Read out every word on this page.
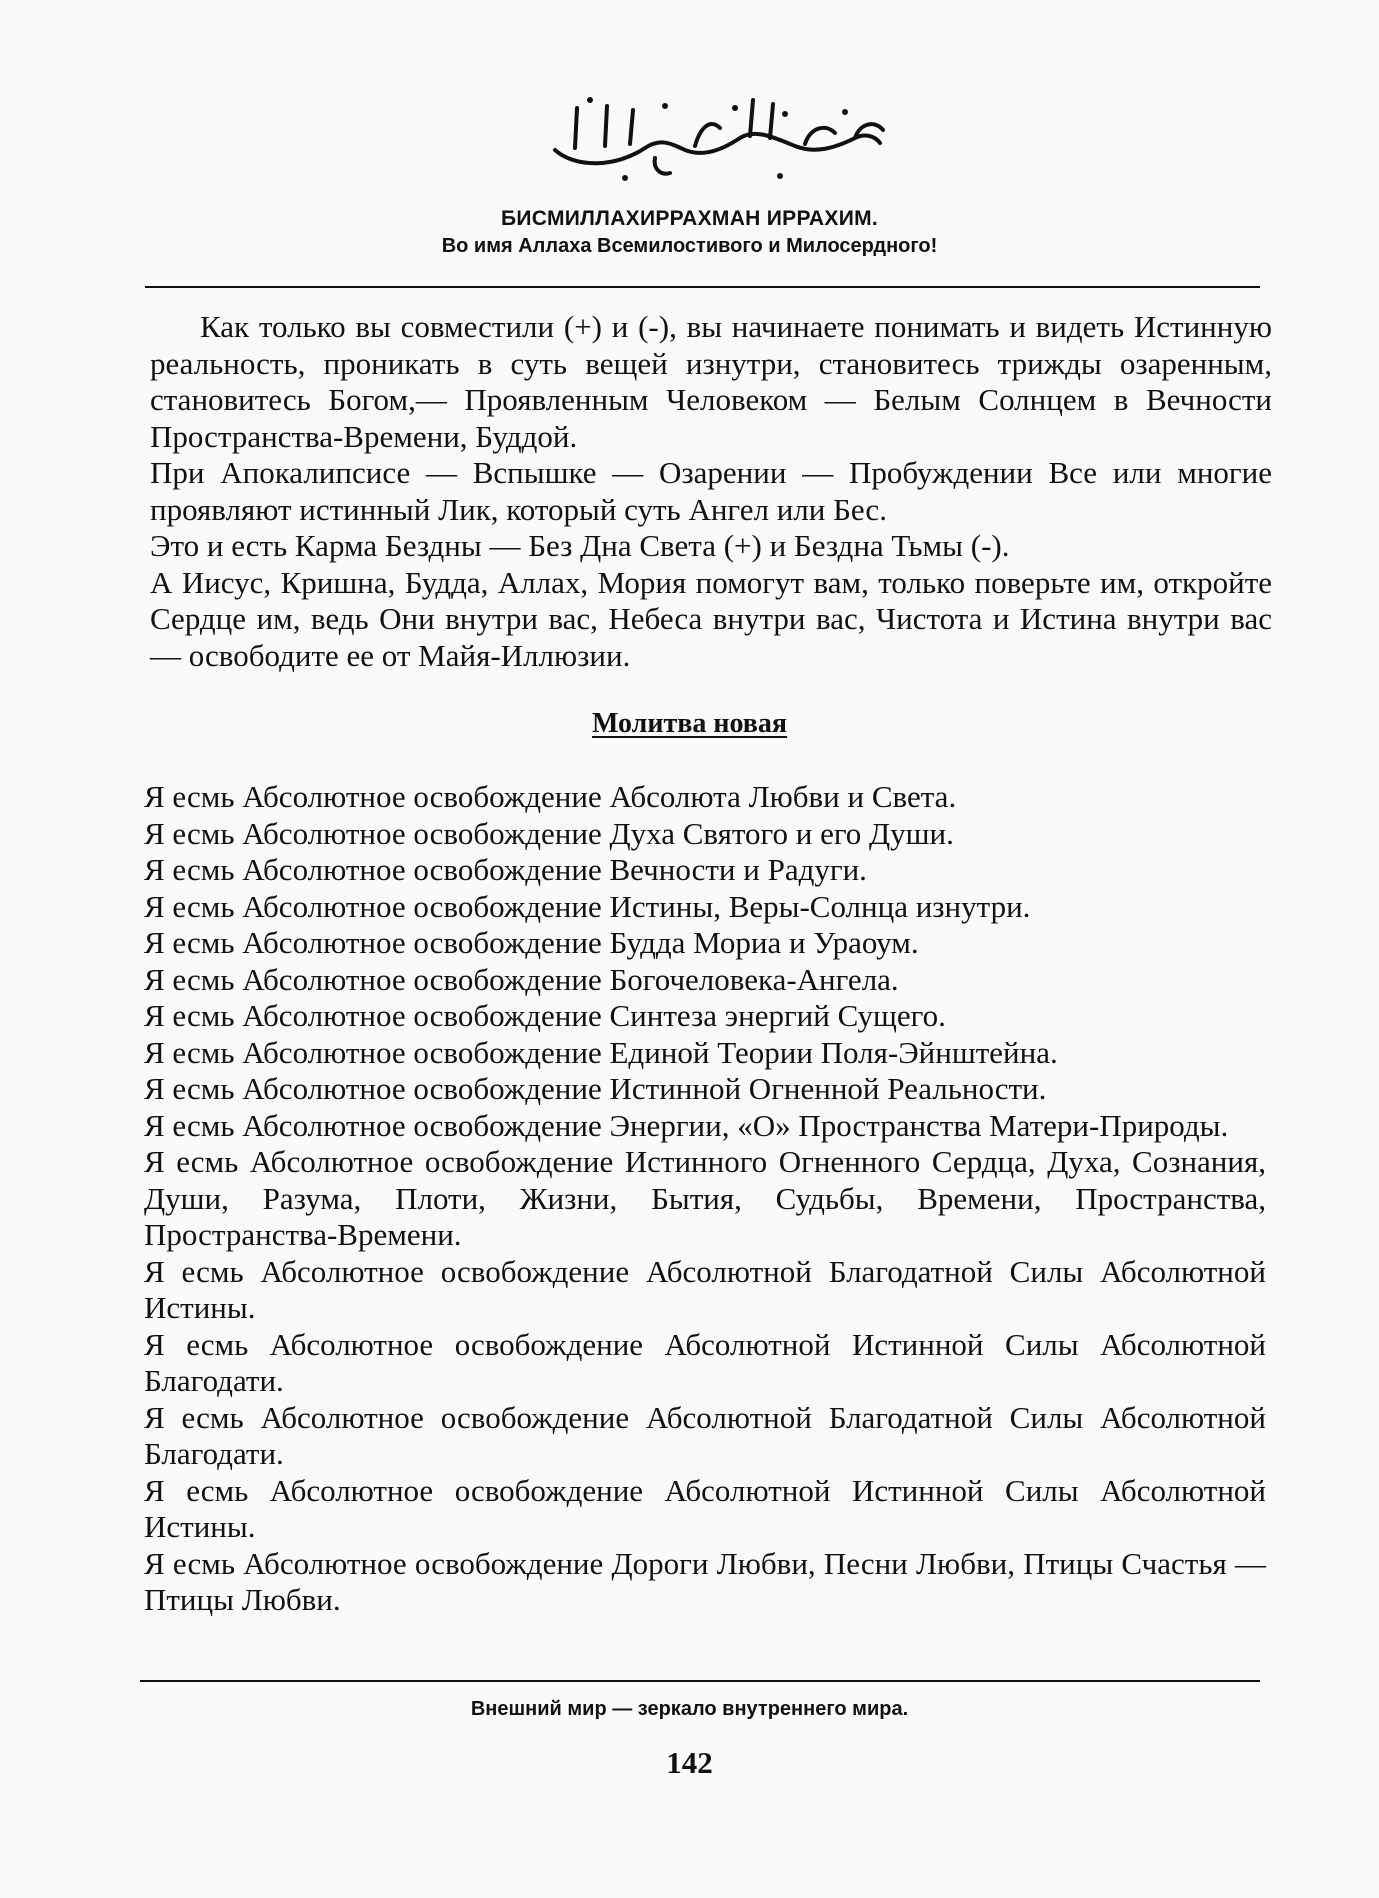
БИСМИЛЛАХИРРАХМАН ИРРАХИМ.
Во имя Аллаха Всемилостивого и Милосердного!

Как только вы совместили (+) и (-), вы начинаете понимать и видеть Истинную реальность, проникать в суть вещей изнутри, становитесь трижды озаренным, становитесь Богом,— Проявленным Человеком — Белым Солнцем в Вечности Пространства-Времени, Буддой.

При Апокалипсисе — Вспышке — Озарении — Пробуждении Все или многие проявляют истинный Лик, который суть Ангел или Бес.

Это и есть Карма Бездны — Без Дна Света (+) и Бездна Тьмы (-).

А Иисус, Кришна, Будда, Аллах, Мория помогут вам, только поверьте им, откройте Сердце им, ведь Они внутри вас, Небеса внутри вас, Чистота и Истина внутри вас — освободите ее от Майя-Иллюзии.

Молитва новая

Я есмь Абсолютное освобождение Абсолюта Любви и Света.

Я есмь Абсолютное освобождение Духа Святого и его Души.

Я есмь Абсолютное освобождение Вечности и Радуги.

Я есмь Абсолютное освобождение Истины, Веры-Солнца изнутри.

Я есмь Абсолютное освобождение Будда Мориа и Ураоум.

Я есмь Абсолютное освобождение Богочеловека-Ангела.

Я есмь Абсолютное освобождение Синтеза энергий Сущего.

Я есмь Абсолютное освобождение Единой Теории Поля-Эйнштейна.

Я есмь Абсолютное освобождение Истинной Огненной Реальности.

Я есмь Абсолютное освобождение Энергии, «О» Пространства Матери-Природы.

Я есмь Абсолютное освобождение Истинного Огненного Сердца, Духа, Сознания, Души, Разума, Плоти, Жизни, Бытия, Судьбы, Времени, Пространства, Пространства-Времени.

Я есмь Абсолютное освобождение Абсолютной Благодатной Силы Абсолютной Истины.

Я есмь Абсолютное освобождение Абсолютной Истинной Силы Абсолютной Благодати.

Я есмь Абсолютное освобождение Абсолютной Благодатной Силы Абсолютной Благодати.

Я есмь Абсолютное освобождение Абсолютной Истинной Силы Абсолютной Истины.

Я есмь Абсолютное освобождение Дороги Любви, Песни Любви, Птицы Счастья — Птицы Любви.

Внешний мир — зеркало внутреннего мира.
142
